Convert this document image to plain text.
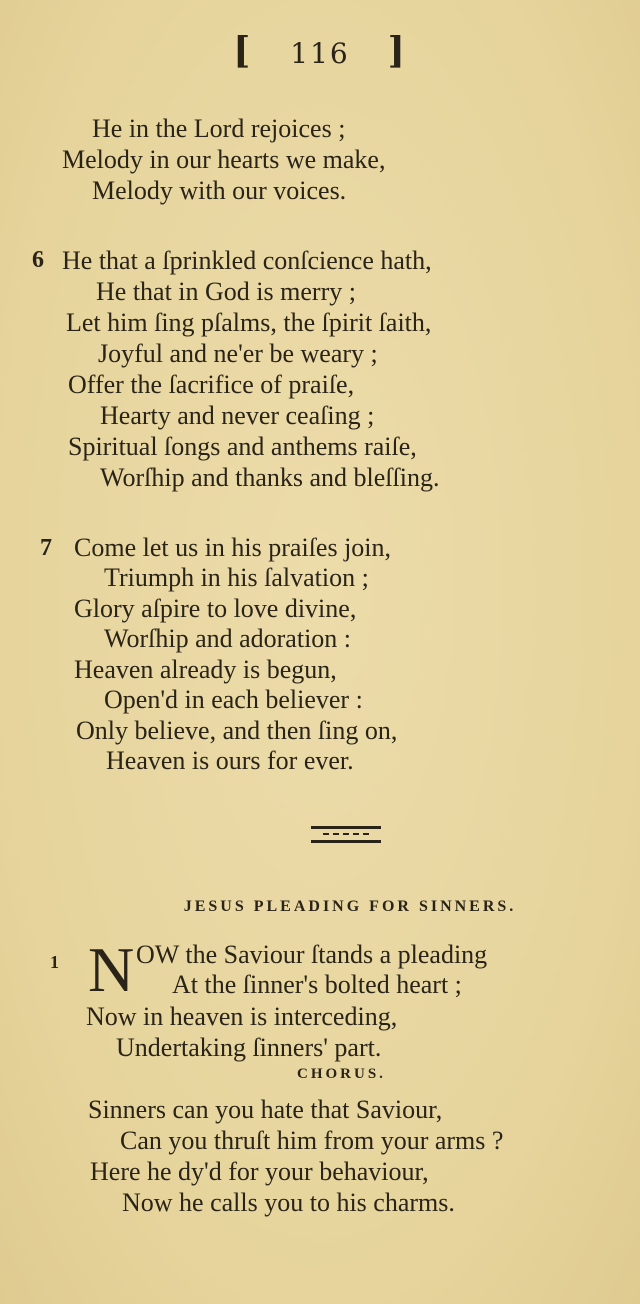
[ 116 ]
He in the Lord rejoices ;
Melody in our hearts we make,
Melody with our voices.
6 He that a ſprinkled conſcience hath,
He that in God is merry ;
Let him ſing pſalms, the ſpirit ſaith,
Joyful and ne'er be weary ;
Offer the ſacrifice of praiſe,
Hearty and never ceaſing ;
Spiritual ſongs and anthems raiſe,
Worſhip and thanks and bleſſing.
7 Come let us in his praiſes join,
Triumph in his ſalvation ;
Glory aſpire to love divine,
Worſhip and adoration :
Heaven already is begun,
Open'd in each believer :
Only believe, and then ſing on,
Heaven is ours for ever.
JESUS PLEADING FOR SINNERS.
1 N OW the Saviour ſtands a pleading
At the ſinner's bolted heart ;
Now in heaven is interceding,
Undertaking ſinners' part.
CHORUS.
Sinners can you hate that Saviour,
Can you thruſt him from your arms ?
Here he dy'd for your behaviour,
Now he calls you to his charms.
